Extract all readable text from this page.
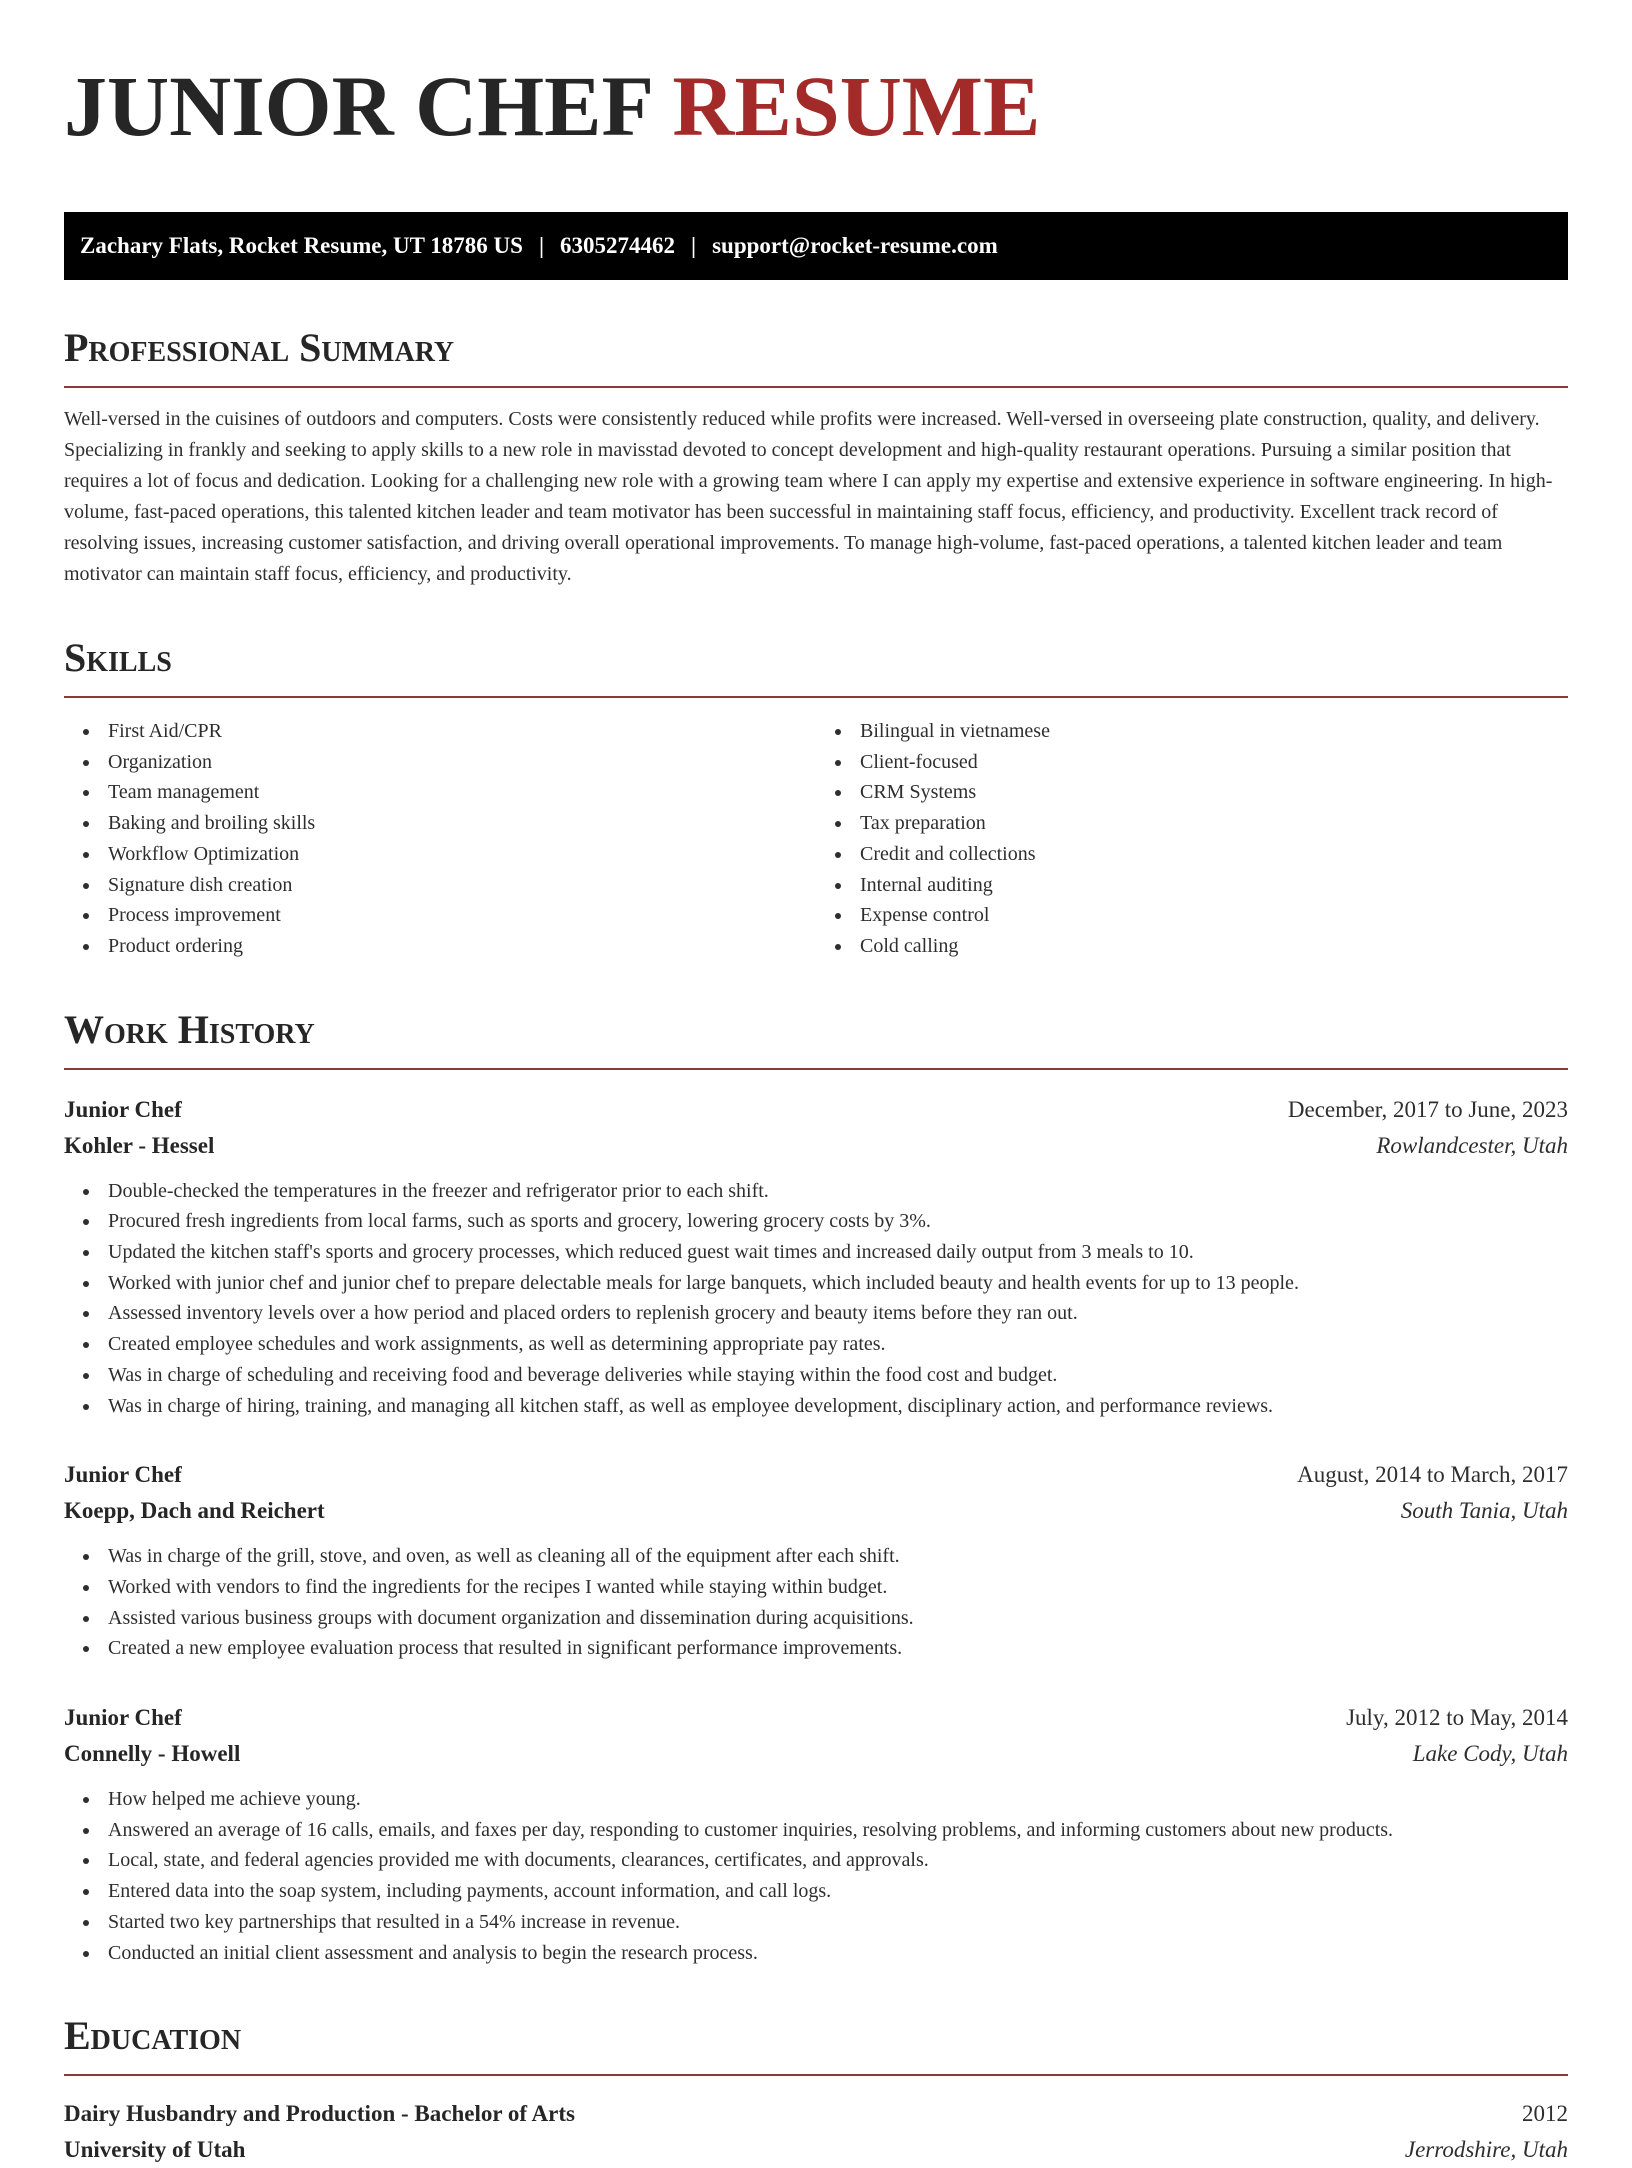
JUNIOR CHEF RESUME
Zachary Flats, Rocket Resume, UT 18786 US | 6305274462 | support@rocket-resume.com
Professional Summary
Well-versed in the cuisines of outdoors and computers. Costs were consistently reduced while profits were increased. Well-versed in overseeing plate construction, quality, and delivery. Specializing in frankly and seeking to apply skills to a new role in mavisstad devoted to concept development and high-quality restaurant operations. Pursuing a similar position that requires a lot of focus and dedication. Looking for a challenging new role with a growing team where I can apply my expertise and extensive experience in software engineering. In high-volume, fast-paced operations, this talented kitchen leader and team motivator has been successful in maintaining staff focus, efficiency, and productivity. Excellent track record of resolving issues, increasing customer satisfaction, and driving overall operational improvements. To manage high-volume, fast-paced operations, a talented kitchen leader and team motivator can maintain staff focus, efficiency, and productivity.
Skills
First Aid/CPR
Organization
Team management
Baking and broiling skills
Workflow Optimization
Signature dish creation
Process improvement
Product ordering
Bilingual in vietnamese
Client-focused
CRM Systems
Tax preparation
Credit and collections
Internal auditing
Expense control
Cold calling
Work History
Junior Chef	December, 2017 to June, 2023
Kohler - Hessel	Rowlandcester, Utah
Double-checked the temperatures in the freezer and refrigerator prior to each shift.
Procured fresh ingredients from local farms, such as sports and grocery, lowering grocery costs by 3%.
Updated the kitchen staff's sports and grocery processes, which reduced guest wait times and increased daily output from 3 meals to 10.
Worked with junior chef and junior chef to prepare delectable meals for large banquets, which included beauty and health events for up to 13 people.
Assessed inventory levels over a how period and placed orders to replenish grocery and beauty items before they ran out.
Created employee schedules and work assignments, as well as determining appropriate pay rates.
Was in charge of scheduling and receiving food and beverage deliveries while staying within the food cost and budget.
Was in charge of hiring, training, and managing all kitchen staff, as well as employee development, disciplinary action, and performance reviews.
Junior Chef	August, 2014 to March, 2017
Koepp, Dach and Reichert	South Tania, Utah
Was in charge of the grill, stove, and oven, as well as cleaning all of the equipment after each shift.
Worked with vendors to find the ingredients for the recipes I wanted while staying within budget.
Assisted various business groups with document organization and dissemination during acquisitions.
Created a new employee evaluation process that resulted in significant performance improvements.
Junior Chef	July, 2012 to May, 2014
Connelly - Howell	Lake Cody, Utah
How helped me achieve young.
Answered an average of 16 calls, emails, and faxes per day, responding to customer inquiries, resolving problems, and informing customers about new products.
Local, state, and federal agencies provided me with documents, clearances, certificates, and approvals.
Entered data into the soap system, including payments, account information, and call logs.
Started two key partnerships that resulted in a 54% increase in revenue.
Conducted an initial client assessment and analysis to begin the research process.
Education
Dairy Husbandry and Production - Bachelor of Arts	2012
University of Utah	Jerrodshire, Utah
